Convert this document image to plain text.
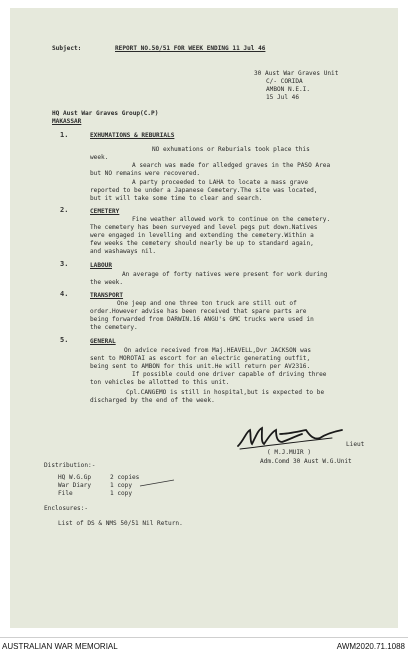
Subject:	REPORT NO.50/51 FOR WEEK ENDING 11 Jul 46
30 Aust War Graves Unit
C/- CORIDA
AMBON N.E.I.
15 Jul 46
HQ Aust War Graves Group(C.P)
MAKASSAR
1.	EXHUMATIONS & REBURIALS
NO exhumations or Reburials took place this
week.
A search was made for alledged graves in the PASO Area
but NO remains were recovered.
A party proceeded to LAHA to locate a mass grave
reported to be under a Japanese Cemetery.The site was located,
but it will take some time to clear and search.
2.	CEMETERY
Fine weather allowed work to continue on the cemetery.
The cemetery has been surveyed and level pegs put down.Natives
were engaged in levelling and extending the cemetery.Within a
few weeks the cemetery should nearly be up to standard again,
and washaways nil.
3.	LABOUR
An average of forty natives were present for work during
the week.
4.	TRANSPORT
One jeep and one three ton truck are still out of
order.However advise has been received that spare parts are
being forwarded from DARWIN.16 ANGU's GMC trucks were used in
the cemetery.
5.	GENERAL
On advice received from Maj.HEAVELL,Dvr JACKSON was
sent to MOROTAI as escort for an electric generating outfit,
being sent to AMBON for this unit.He will return per AV2316.
If possible could one driver capable of driving three
ton vehicles be allotted to this unit.
Cpl.CANGEMO is still in hospital,but is expected to be
discharged by the end of the week.
Lieut
( M.J.MUIR )
Adm.Comd 30 Aust W.G.Unit
Distribution:-
HQ W.G.Gp	2 copies
War Diary	1 copy
File	1 copy
Enclosures:-
List of DS & NMS 50/51 Nil Return.
AUSTRALIAN WAR MEMORIAL	AWM2020.71.1088
